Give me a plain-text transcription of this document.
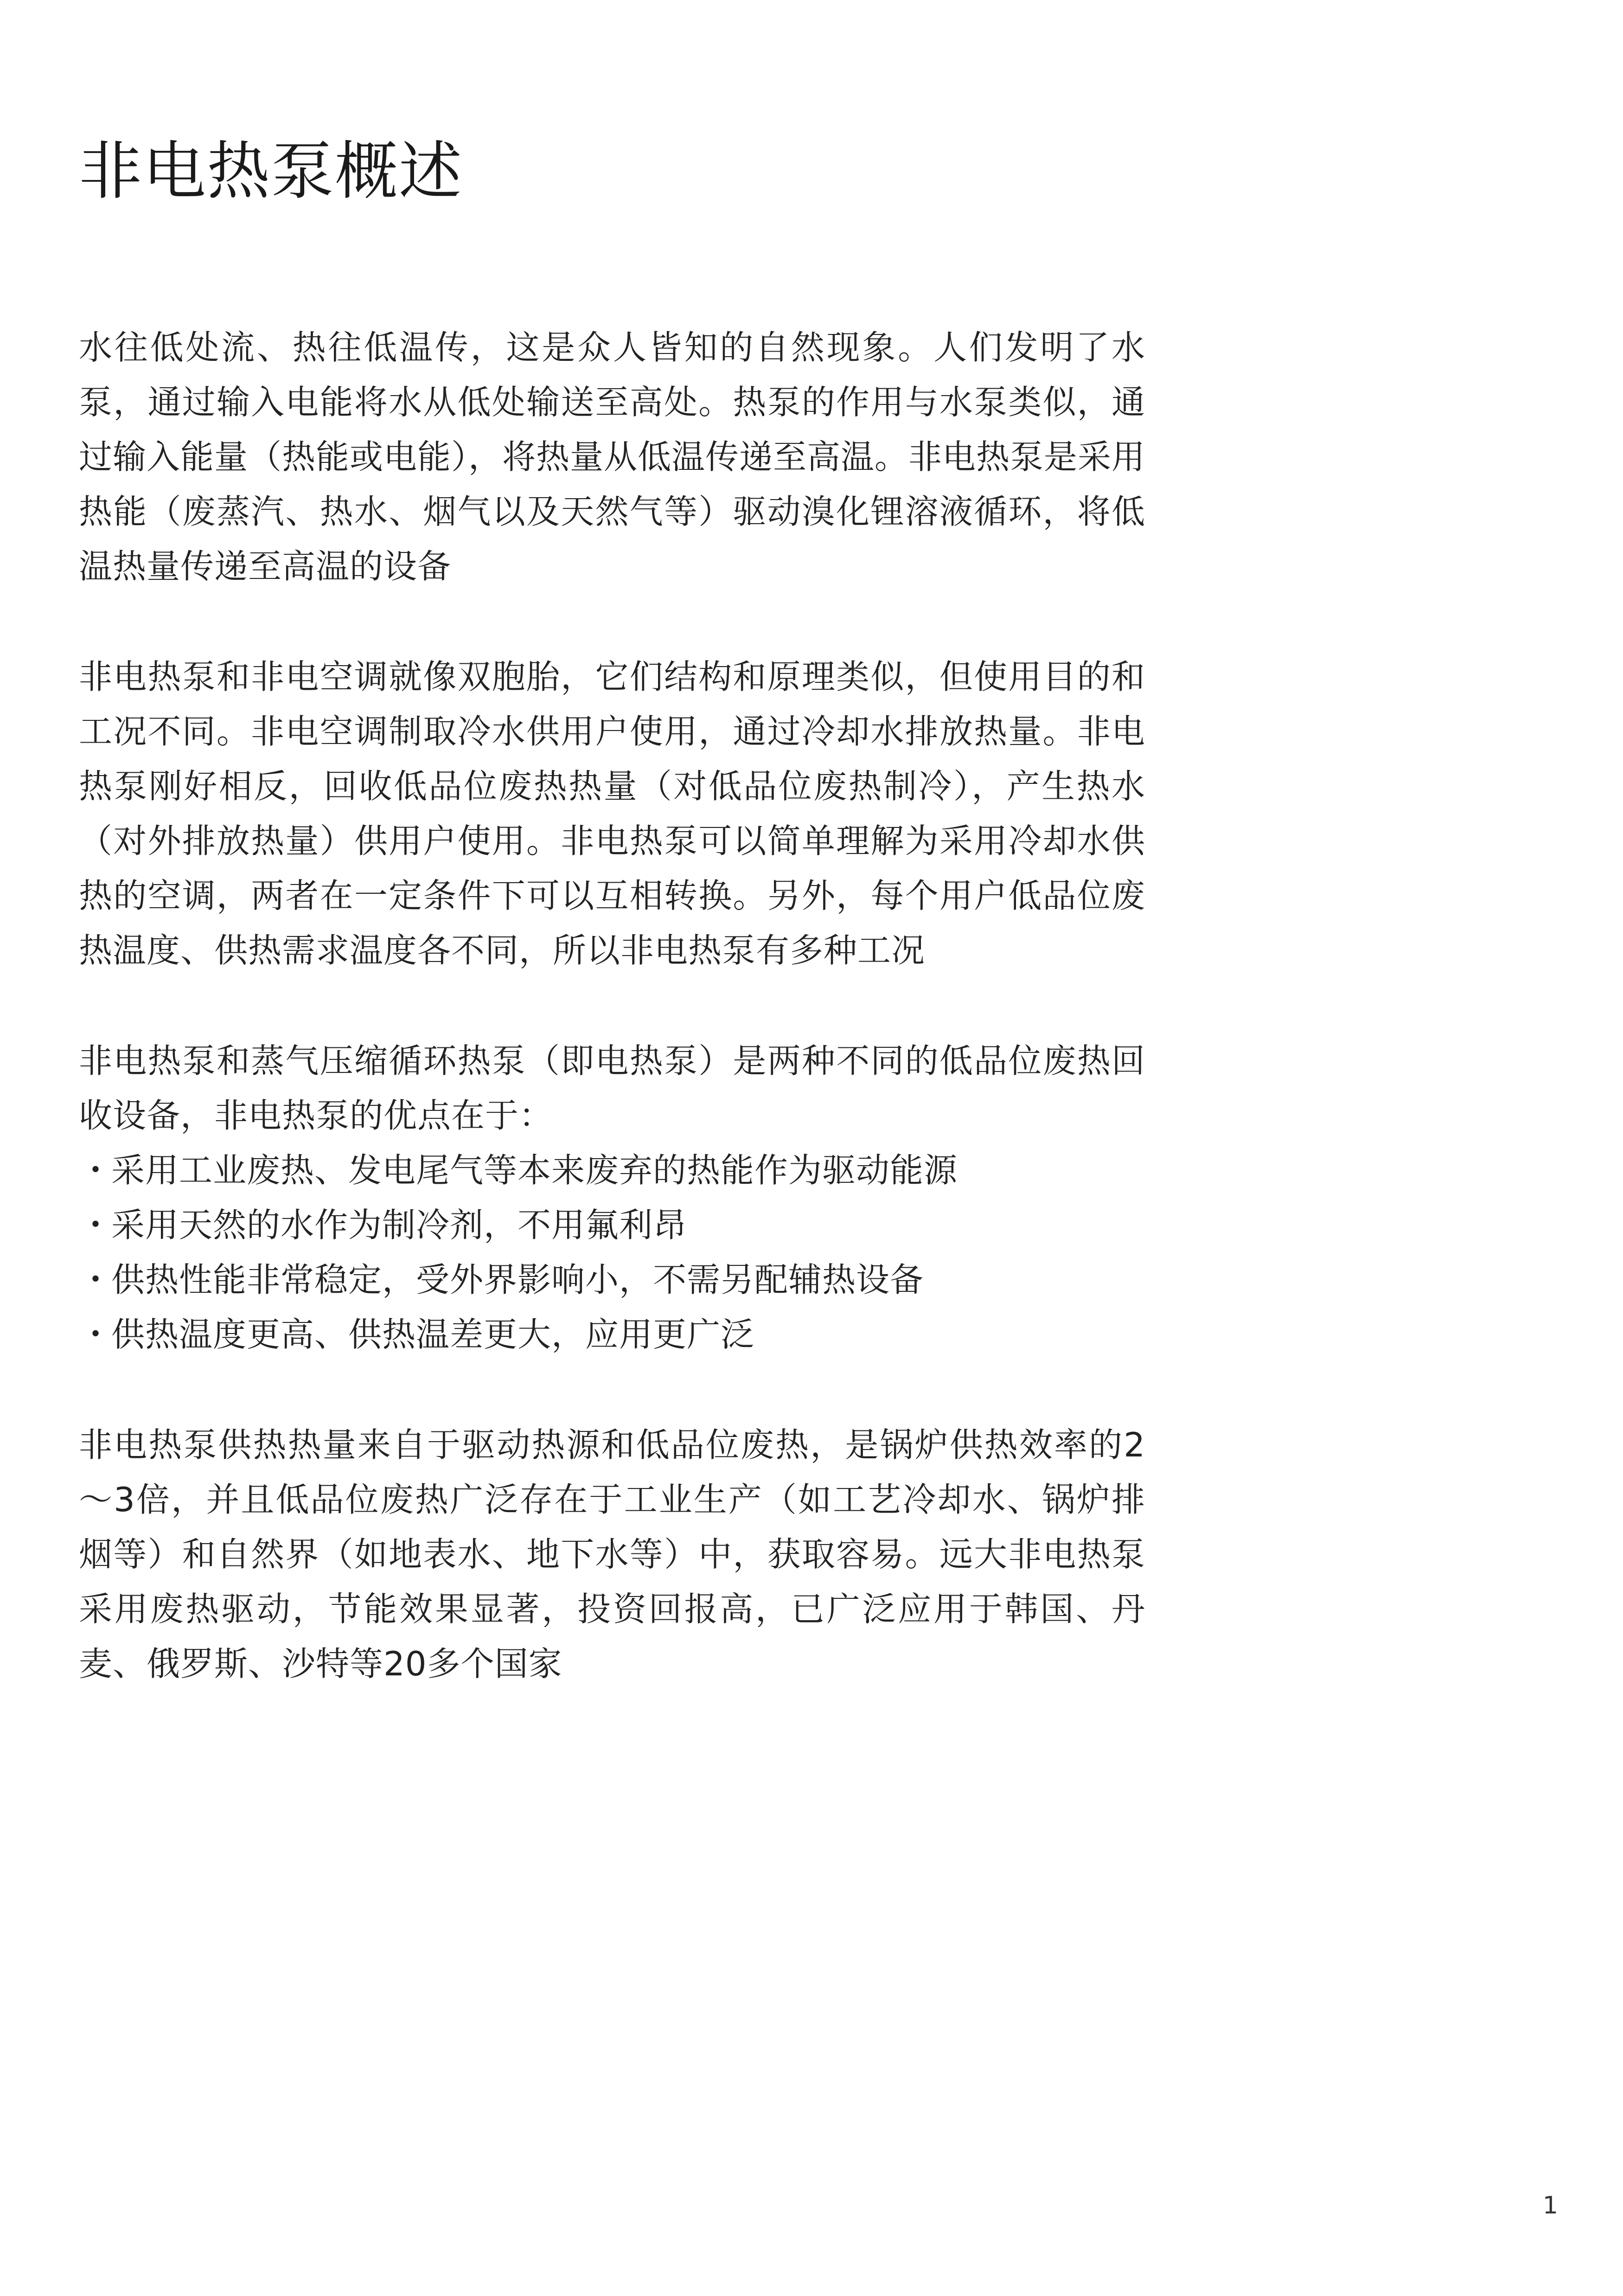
非电热泵概述

水往低处流、热往低温传，这是众人皆知的自然现象。人们发明了水泵，通过输入电能将水从低处输送至高处。热泵的作用与水泵类似，通过输入能量（热能或电能），将热量从低温传递至高温。非电热泵是采用热能（废蒸汽、热水、烟气以及天然气等）驱动溴化锂溶液循环，将低温热量传递至高温的设备

非电热泵和非电空调就像双胞胎，它们结构和原理类似，但使用目的和工况不同。非电空调制取冷水供用户使用，通过冷却水排放热量。非电热泵刚好相反，回收低品位废热热量（对低品位废热制冷），产生热水（对外排放热量）供用户使用。非电热泵可以简单理解为采用冷却水供热的空调，两者在一定条件下可以互相转换。另外，每个用户低品位废热温度、供热需求温度各不同，所以非电热泵有多种工况

非电热泵和蒸气压缩循环热泵（即电热泵）是两种不同的低品位废热回收设备，非电热泵的优点在于：

・采用工业废热、发电尾气等本来废弃的热能作为驱动能源
・采用天然的水作为制冷剂，不用氟利昂
・供热性能非常稳定，受外界影响小，不需另配辅热设备
・供热温度更高、供热温差更大，应用更广泛

非电热泵供热热量来自于驱动热源和低品位废热，是锅炉供热效率的2～3倍，并且低品位废热广泛存在于工业生产（如工艺冷却水、锅炉排烟等）和自然界（如地表水、地下水等）中，获取容易。远大非电热泵采用废热驱动，节能效果显著，投资回报高，已广泛应用于韩国、丹麦、俄罗斯、沙特等20多个国家

1
